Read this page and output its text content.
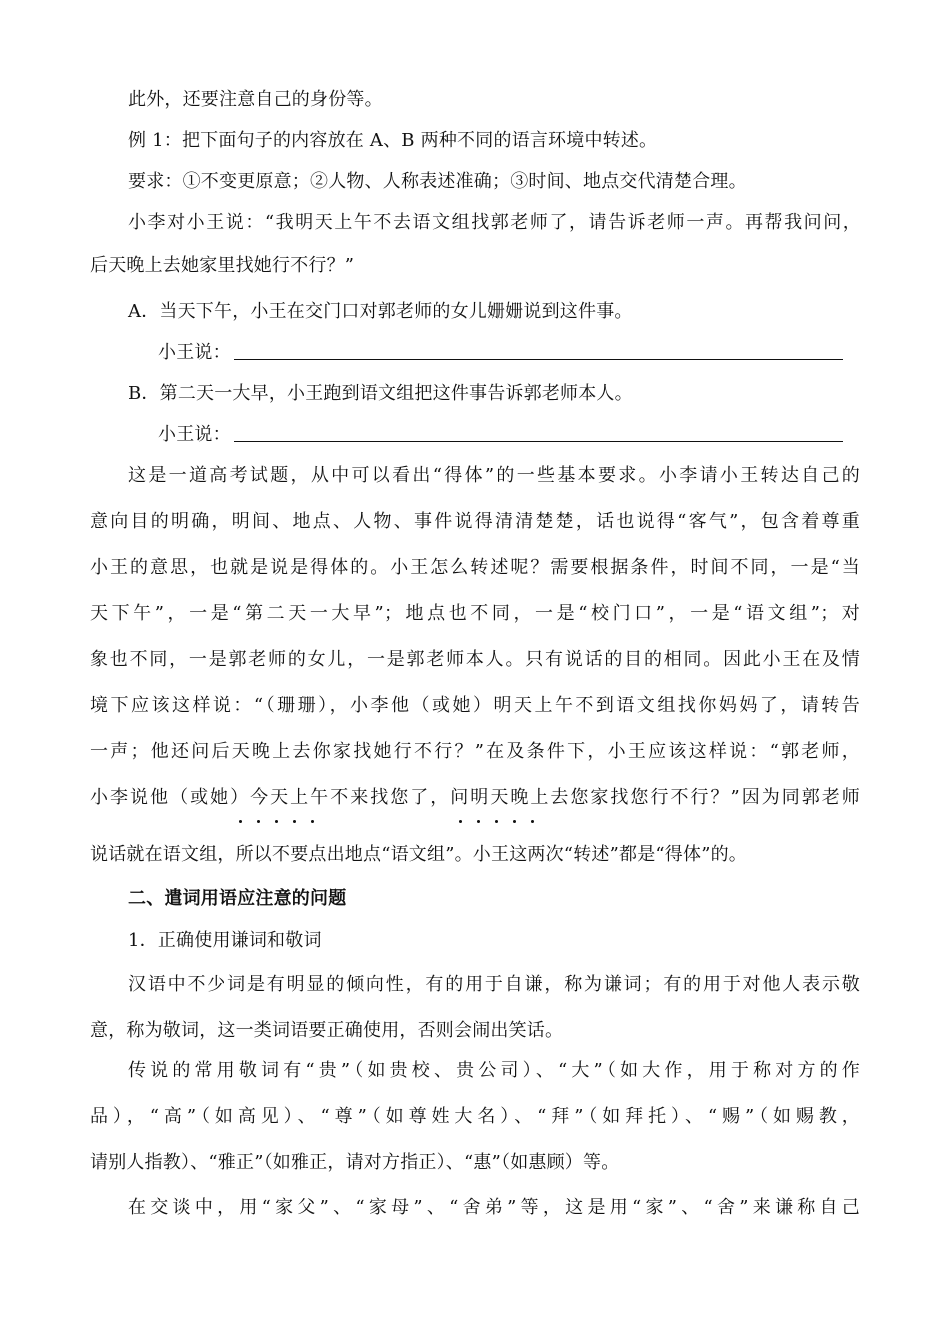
此外，还要注意自己的身份等。
例 1：把下面句子的内容放在 A、B 两种不同的语言环境中转述。
要求：①不变更原意；②人物、人称表述准确；③时间、地点交代清楚合理。
小李对小王说：“我明天上午不去语文组找郭老师了，请告诉老师一声。再帮我问问，
后天晚上去她家里找她行不行？”
A．当天下午，小王在交门口对郭老师的女儿姗姗说到这件事。
小王说：
B．第二天一大早，小王跑到语文组把这件事告诉郭老师本人。
小王说：
这是一道高考试题，从中可以看出“得体”的一些基本要求。小李请小王转达自己的
意向目的明确，明间、地点、人物、事件说得清清楚楚，话也说得“客气”，包含着尊重
小王的意思，也就是说是得体的。小王怎么转述呢？需要根据条件，时间不同，一是“当
天下午”，一是“第二天一大早”；地点也不同，一是“校门口”，一是“语文组”；对
象也不同，一是郭老师的女儿，一是郭老师本人。只有说话的目的相同。因此小王在及情
境下应该这样说：“（珊珊），小李他（或她）明天上午不到语文组找你妈妈了，请转告
一声；他还问后天晚上去你家找她行不行？”在及条件下，小王应该这样说：“郭老师，
小李说他（或她）今天上午不来找您了，问明天晚上去您家找您行不行？”因为同郭老师
说话就在语文组，所以不要点出地点“语文组”。小王这两次“转述”都是“得体”的。
二、遣词用语应注意的问题
1．正确使用谦词和敬词
汉语中不少词是有明显的倾向性，有的用于自谦，称为谦词；有的用于对他人表示敬
意，称为敬词，这一类词语要正确使用，否则会闹出笑话。
传说的常用敬词有“贵”（如贵校、贵公司）、“大”（如大作，用于称对方的作
品），“高”（如高见）、“尊”（如尊姓大名）、“拜”（如拜托）、“赐”（如赐教，
请别人指教）、“雅正”（如雅正，请对方指正）、“惠”（如惠顾）等。
在交谈中，用“家父”、“家母”、“舍弟”等，这是用“家”、“舍”来谦称自己
